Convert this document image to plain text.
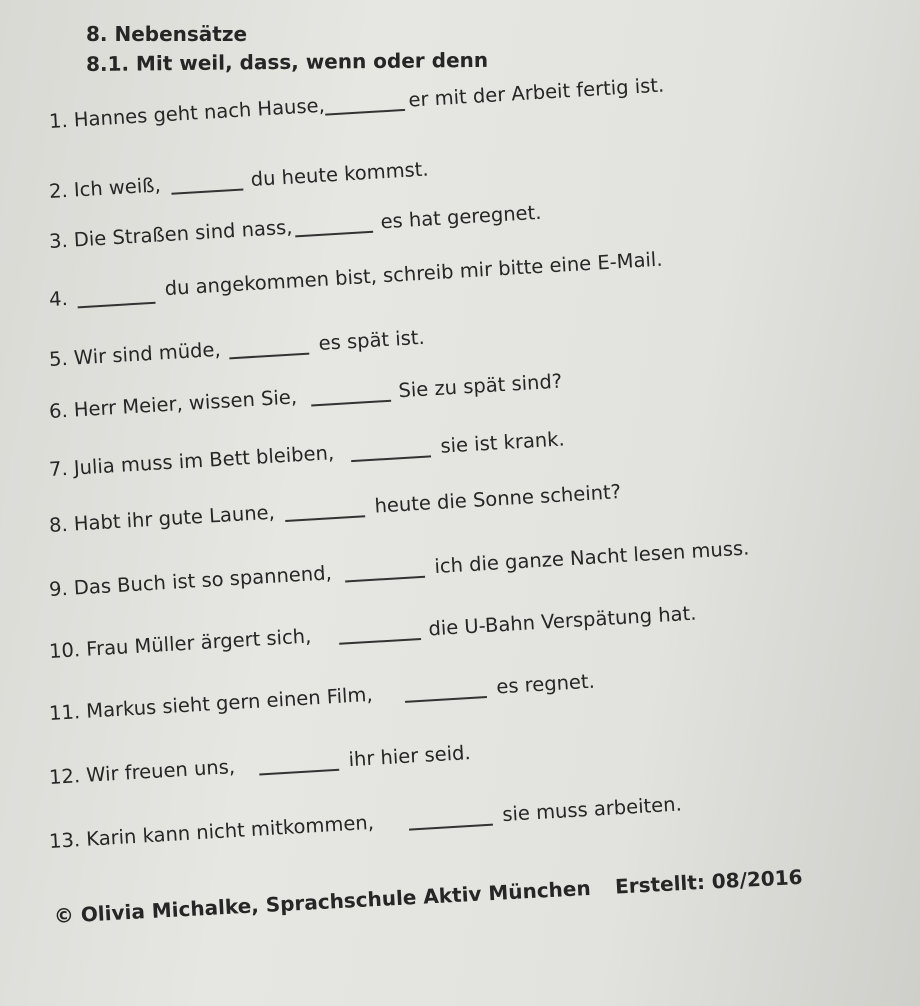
8. Nebensätze
8.1. Mit weil, dass, wenn oder denn
1. Hannes geht nach Hause,
er mit der Arbeit fertig ist.
2. Ich weiß,	du heute kommst.
3. Die Straßen sind nass,	es hat geregnet.
4.	du angekommen bist, schreib mir bitte eine E-Mail.
5. Wir sind müde,	es spät ist.
6. Herr Meier, wissen Sie,	Sie zu spät sind?
7. Julia muss im Bett bleiben,	sie ist krank.
8. Habt ihr gute Laune,
heute die Sonne scheint?
9. Das Buch ist so spannend,
ich die ganze Nacht lesen muss.
10. Frau Müller ärgert sich,
die U-Bahn Verspätung hat.
11. Markus sieht gern einen Film,	es regnet.
12. Wir freuen uns,	ihr hier seid.
13. Karin kann nicht mitkommen,
sie muss arbeiten.
© Olivia Michalke, Sprachschule Aktiv München Erstellt: 08/2016
